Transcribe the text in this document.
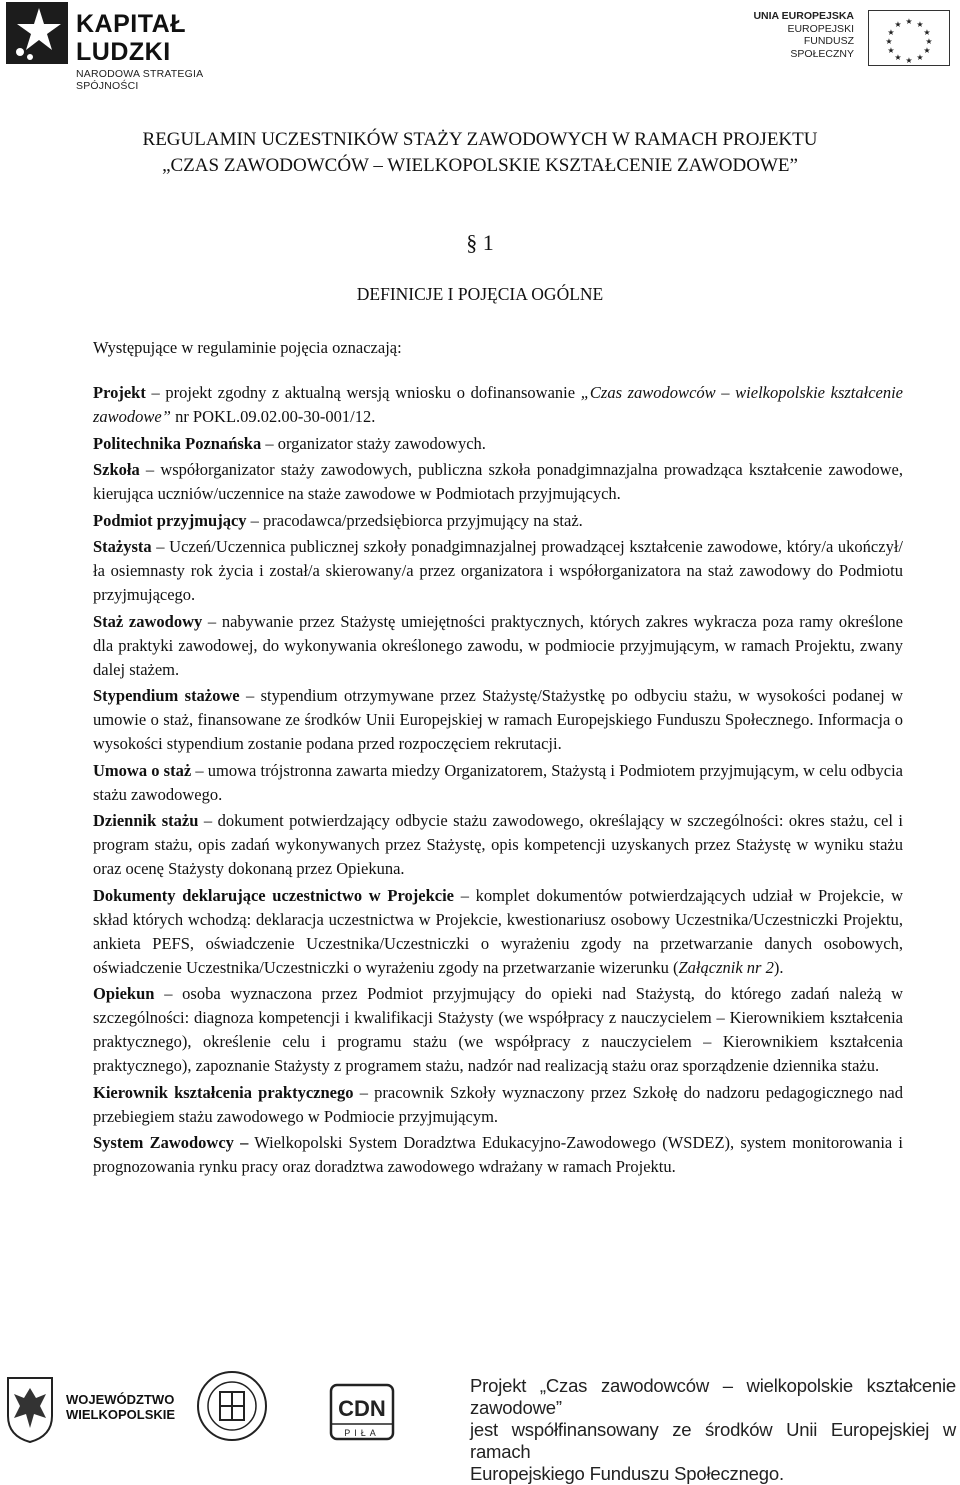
KAPITAŁ LUDZKI
NARODOWA STRATEGIA SPÓJNOŚCI
UNIA EUROPEJSKA
EUROPEJSKI
FUNDUSZ SPOŁECZNY
★ ★
★
★
★
★
★
★
★
★
★
★
REGULAMIN UCZESTNIKÓW STAŻY ZAWODOWYCH W RAMACH PROJEKTU
„CZAS ZAWODOWCÓW – WIELKOPOLSKIE KSZTAŁCENIE ZAWODOWE”
§ 1
DEFINICJE I POJĘCIA OGÓLNE
Występujące w regulaminie pojęcia oznaczają:

Projekt – projekt zgodny z aktualną wersją wniosku o dofinansowanie „Czas zawodowców – wielkopolskie kształcenie zawodowe” nr POKL.09.02.00-30-001/12.

Politechnika Poznańska – organizator staży zawodowych.

Szkoła – współorganizator staży zawodowych, publiczna szkoła ponadgimnazjalna prowadząca kształcenie zawodowe, kierująca uczniów/uczennice na staże zawodowe w Podmiotach przyjmujących.

Podmiot przyjmujący – pracodawca/przedsiębiorca przyjmujący na staż.

Stażysta – Uczeń/Uczennica publicznej szkoły ponadgimnazjalnej prowadzącej kształcenie zawodowe, który/a ukończył/ła osiemnasty rok życia i został/a skierowany/a przez organizatora i współorganizatora na staż zawodowy do Podmiotu przyjmującego.

Staż zawodowy – nabywanie przez Stażystę umiejętności praktycznych, których zakres wykracza poza ramy określone dla praktyki zawodowej, do wykonywania określonego zawodu, w podmiocie przyjmującym, w ramach Projektu, zwany dalej stażem.

Stypendium stażowe – stypendium otrzymywane przez Stażystę/Stażystkę po odbyciu stażu, w wysokości podanej w umowie o staż, finansowane ze środków Unii Europejskiej w ramach Europejskiego Funduszu Społecznego. Informacja o wysokości stypendium zostanie podana przed rozpoczęciem rekrutacji.

Umowa o staż – umowa trójstronna zawarta miedzy Organizatorem, Stażystą i Podmiotem przyjmującym, w celu odbycia stażu zawodowego.

Dziennik stażu – dokument potwierdzający odbycie stażu zawodowego, określający w szczególności: okres stażu, cel i program stażu, opis zadań wykonywanych przez Stażystę, opis kompetencji uzyskanych przez Stażystę w wyniku stażu oraz ocenę Stażysty dokonaną przez Opiekuna.

Dokumenty deklarujące uczestnictwo w Projekcie – komplet dokumentów potwierdzających udział w Projekcie, w skład których wchodzą: deklaracja uczestnictwa w Projekcie, kwestionariusz osobowy Uczestnika/Uczestniczki Projektu, ankieta PEFS, oświadczenie Uczestnika/Uczestniczki o wyrażeniu zgody na przetwarzanie danych osobowych, oświadczenie Uczestnika/Uczestniczki o wyrażeniu zgody na przetwarzanie wizerunku (Załącznik nr 2).

Opiekun – osoba wyznaczona przez Podmiot przyjmujący do opieki nad Stażystą, do którego zadań należą w szczególności: diagnoza kompetencji i kwalifikacji Stażysty (we współpracy z nauczycielem – Kierownikiem kształcenia praktycznego), określenie celu i programu stażu (we współpracy z nauczycielem – Kierownikiem kształcenia praktycznego), zapoznanie Stażysty z programem stażu, nadzór nad realizacją stażu oraz sporządzenie dziennika stażu.

Kierownik kształcenia praktycznego – pracownik Szkoły wyznaczony przez Szkołę do nadzoru pedagogicznego nad przebiegiem stażu zawodowego w Podmiocie przyjmującym.

System Zawodowcy – Wielkopolski System Doradztwa Edukacyjno-Zawodowego (WSDEZ), system monitorowania i prognozowania rynku pracy oraz doradztwa zawodowego wdrażany w ramach Projektu.

WOJEWÓDZTWO
WIELKOPOLSKIE	CDN
PIŁA
Projekt „Czas zawodowców – wielkopolskie kształcenie zawodowe”
jest współfinansowany ze środków Unii Europejskiej w ramach
Europejskiego Funduszu Społecznego.
